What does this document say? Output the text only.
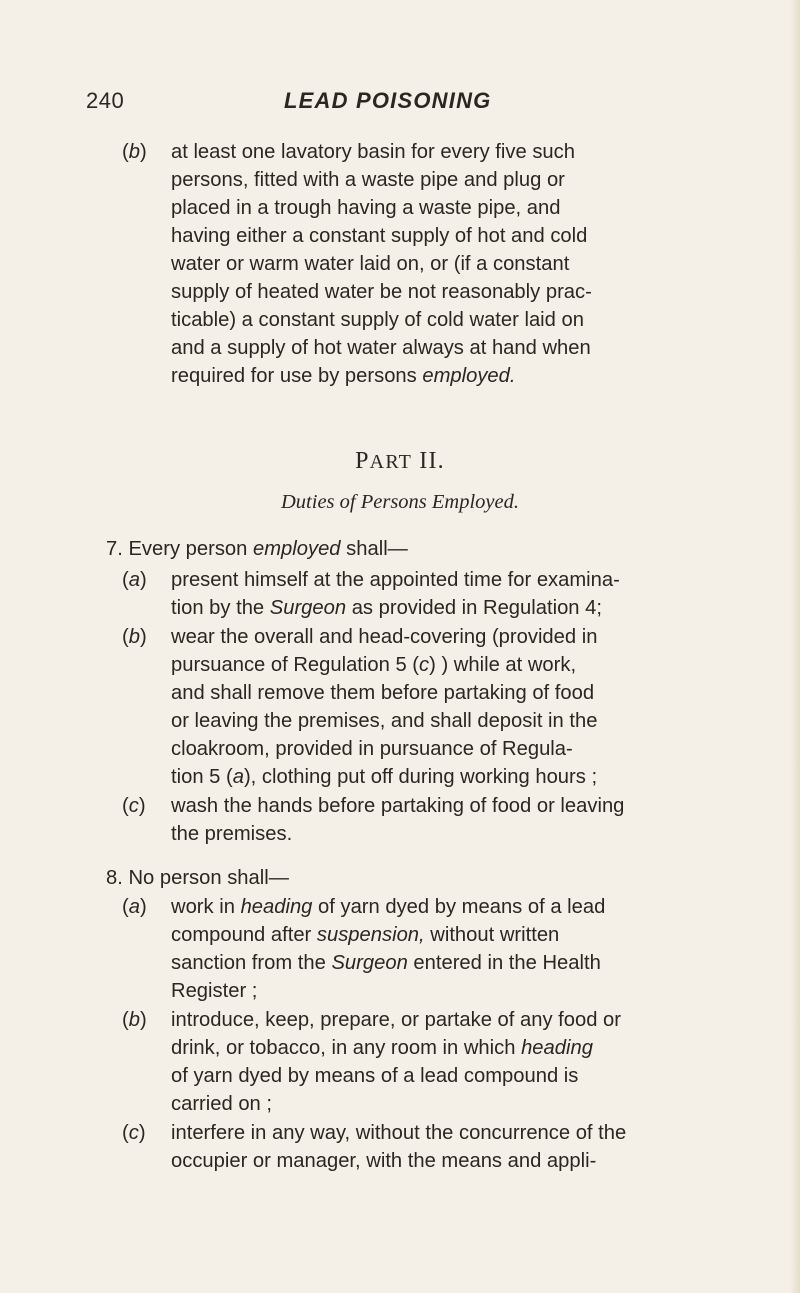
240	LEAD POISONING
(b) at least one lavatory basin for every five such
persons, fitted with a waste pipe and plug or
placed in a trough having a waste pipe, and
having either a constant supply of hot and cold
water or warm water laid on, or (if a constant
supply of heated water be not reasonably prac-
ticable) a constant supply of cold water laid on
and a supply of hot water always at hand when
required for use by persons employed.
PART II.
Duties of Persons Employed.
7. Every person employed shall—
(a) present himself at the appointed time for examina-
tion by the Surgeon as provided in Regulation 4;
(b) wear the overall and head-covering (provided in
pursuance of Regulation 5 (c) ) while at work,
and shall remove them before partaking of food
or leaving the premises, and shall deposit in the
cloakroom, provided in pursuance of Regula-
tion 5 (a), clothing put off during working hours ;
(c) wash the hands before partaking of food or leaving
the premises.
8. No person shall—
(a) work in heading of yarn dyed by means of a lead
compound after suspension, without written
sanction from the Surgeon entered in the Health
Register ;
(b) introduce, keep, prepare, or partake of any food or
drink, or tobacco, in any room in which heading
of yarn dyed by means of a lead compound is
carried on ;
(c) interfere in any way, without the concurrence of the
occupier or manager, with the means and appli-
